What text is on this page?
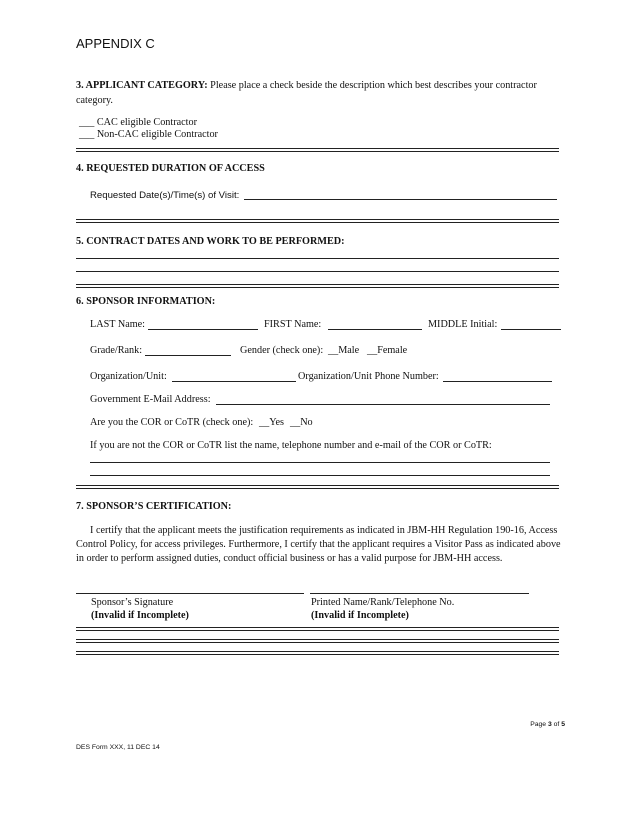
APPENDIX C
3. APPLICANT CATEGORY: Please place a check beside the description which best describes your contractor
category.
___ CAC eligible Contractor
___ Non-CAC eligible Contractor
4. REQUESTED DURATION OF ACCESS
Requested Date(s)/Time(s) of Visit:
5. CONTRACT DATES AND WORK TO BE PERFORMED:
6. SPONSOR INFORMATION:
LAST Name:	FIRST Name:	MIDDLE Initial:
Grade/Rank:	Gender (check one): __Male __Female
Organization/Unit:	Organization/Unit Phone Number:
Government E-Mail Address:
Are you the COR or CoTR (check one): __Yes __No
If you are not the COR or CoTR list the name, telephone number and e-mail of the COR or CoTR:
7. SPONSOR’S CERTIFICATION:
I certify that the applicant meets the justification requirements as indicated in JBM-HH Regulation 190-16, Access Control Policy, for access privileges. Furthermore, I certify that the applicant requires a Visitor Pass as indicated above in order to perform assigned duties, conduct official business or has a valid purpose for JBM-HH access.
Sponsor’s Signature
(Invalid if Incomplete)
Printed Name/Rank/Telephone No.
(Invalid if Incomplete)
Page 3 of 5
DES Form XXX, 11 DEC 14
